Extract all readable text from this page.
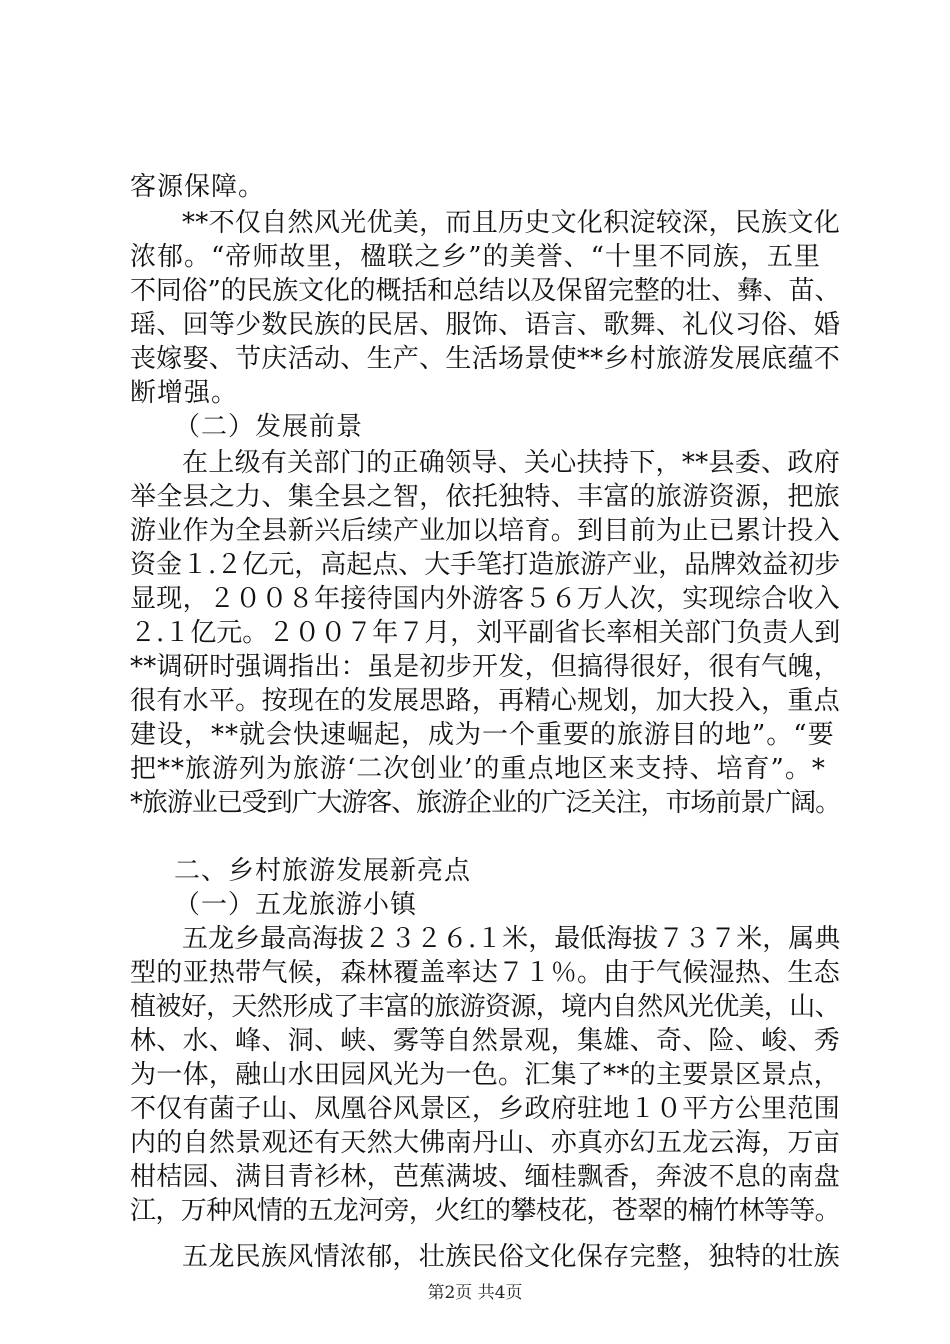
客源保障。
**不仅自然风光优美，而且历史文化积淀较深，民族文化
浓郁。“帝师故里，楹联之乡”的美誉、“十里不同族，五里
不同俗”的民族文化的概括和总结以及保留完整的壮、彝、苗、
瑶、回等少数民族的民居、服饰、语言、歌舞、礼仪习俗、婚
丧嫁娶、节庆活动、生产、生活场景使**乡村旅游发展底蕴不
断增强。
（二）发展前景
在上级有关部门的正确领导、关心扶持下，**县委、政府
举全县之力、集全县之智，依托独特、丰富的旅游资源，把旅
游业作为全县新兴后续产业加以培育。到目前为止已累计投入
资金１.２亿元，高起点、大手笔打造旅游产业，品牌效益初步
显现，２００８年接待国内外游客５６万人次，实现综合收入
２.１亿元。２００７年７月，刘平副省长率相关部门负责人到
**调研时强调指出：虽是初步开发，但搞得很好，很有气魄，
很有水平。按现在的发展思路，再精心规划，加大投入，重点
建设，**就会快速崛起，成为一个重要的旅游目的地”。“要
把**旅游列为旅游‘二次创业’的重点地区来支持、培育”。*
*旅游业已受到广大游客、旅游企业的广泛关注，市场前景广阔。
二、乡村旅游发展新亮点
（一）五龙旅游小镇
五龙乡最高海拔２３２６.１米，最低海拔７３７米，属典
型的亚热带气候，森林覆盖率达７１％。由于气候湿热、生态
植被好，天然形成了丰富的旅游资源，境内自然风光优美，山、
林、水、峰、洞、峡、雾等自然景观，集雄、奇、险、峻、秀
为一体，融山水田园风光为一色。汇集了**的主要景区景点，
不仅有菌子山、凤凰谷风景区，乡政府驻地１０平方公里范围
内的自然景观还有天然大佛南丹山、亦真亦幻五龙云海，万亩
柑桔园、满目青衫林，芭蕉满坡、缅桂飘香，奔波不息的南盘
江，万种风情的五龙河旁，火红的攀枝花，苍翠的楠竹林等等。
五龙民族风情浓郁，壮族民俗文化保存完整，独特的壮族
第2页 共4页
